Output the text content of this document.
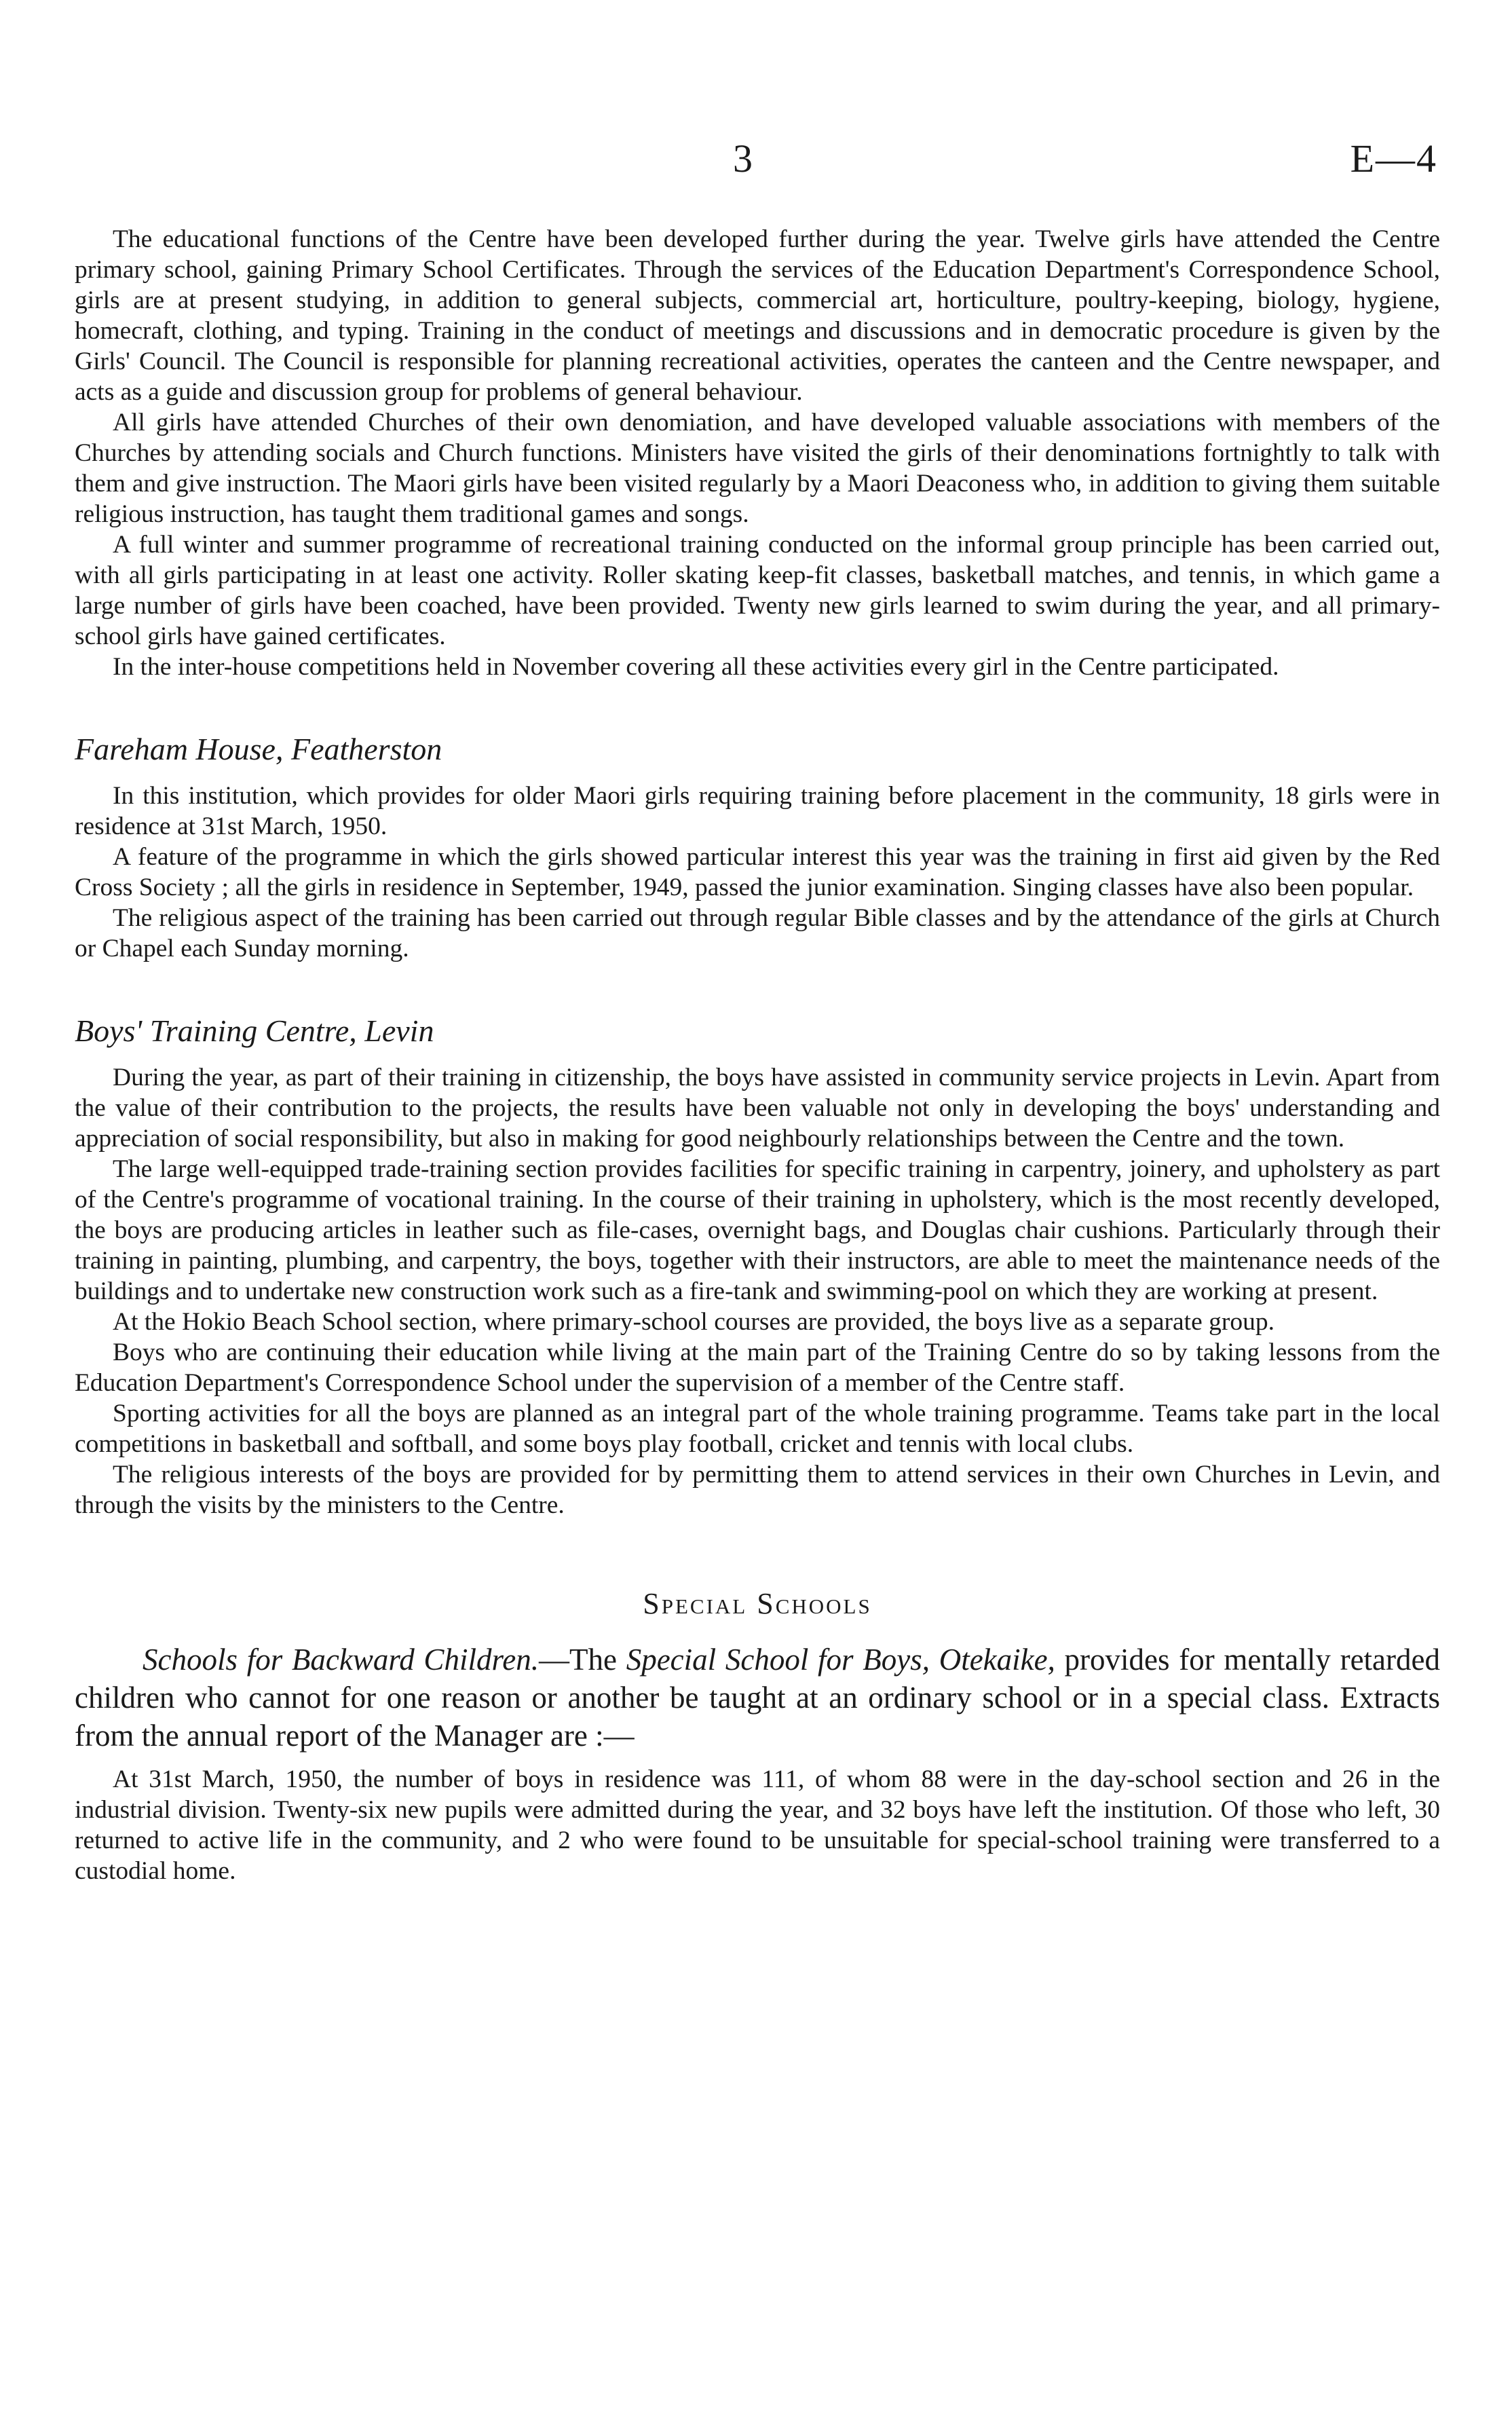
3	E—4

The educational functions of the Centre have been developed further during the year. Twelve girls have attended the Centre primary school, gaining Primary School Certificates. Through the services of the Education Department's Correspondence School, girls are at present studying, in addition to general subjects, commercial art, horticulture, poultry-keeping, biology, hygiene, homecraft, clothing, and typing. Training in the conduct of meetings and discussions and in democratic procedure is given by the Girls' Council. The Council is responsible for planning recreational activities, operates the canteen and the Centre newspaper, and acts as a guide and discussion group for problems of general behaviour.

All girls have attended Churches of their own denomiation, and have developed valuable associations with members of the Churches by attending socials and Church functions. Ministers have visited the girls of their denominations fortnightly to talk with them and give instruction. The Maori girls have been visited regularly by a Maori Deaconess who, in addition to giving them suitable religious instruction, has taught them traditional games and songs.

A full winter and summer programme of recreational training conducted on the informal group principle has been carried out, with all girls participating in at least one activity. Roller skating keep-fit classes, basketball matches, and tennis, in which game a large number of girls have been coached, have been provided. Twenty new girls learned to swim during the year, and all primary-school girls have gained certificates.

In the inter-house competitions held in November covering all these activities every girl in the Centre participated.

Fareham House, Featherston

In this institution, which provides for older Maori girls requiring training before placement in the community, 18 girls were in residence at 31st March, 1950.

A feature of the programme in which the girls showed particular interest this year was the training in first aid given by the Red Cross Society ; all the girls in residence in September, 1949, passed the junior examination. Singing classes have also been popular.

The religious aspect of the training has been carried out through regular Bible classes and by the attendance of the girls at Church or Chapel each Sunday morning.

Boys' Training Centre, Levin

During the year, as part of their training in citizenship, the boys have assisted in community service projects in Levin. Apart from the value of their contribution to the projects, the results have been valuable not only in developing the boys' understanding and appreciation of social responsibility, but also in making for good neighbourly relationships between the Centre and the town.

The large well-equipped trade-training section provides facilities for specific training in carpentry, joinery, and upholstery as part of the Centre's programme of vocational training. In the course of their training in upholstery, which is the most recently developed, the boys are producing articles in leather such as file-cases, overnight bags, and Douglas chair cushions. Particularly through their training in painting, plumbing, and carpentry, the boys, together with their instructors, are able to meet the maintenance needs of the buildings and to undertake new construction work such as a fire-tank and swimming-pool on which they are working at present.

At the Hokio Beach School section, where primary-school courses are provided, the boys live as a separate group.

Boys who are continuing their education while living at the main part of the Training Centre do so by taking lessons from the Education Department's Correspondence School under the supervision of a member of the Centre staff.

Sporting activities for all the boys are planned as an integral part of the whole training programme. Teams take part in the local competitions in basketball and softball, and some boys play football, cricket and tennis with local clubs.

The religious interests of the boys are provided for by permitting them to attend services in their own Churches in Levin, and through the visits by the ministers to the Centre.

Special Schools

Schools for Backward Children.—The Special School for Boys, Otekaike, provides for mentally retarded children who cannot for one reason or another be taught at an ordinary school or in a special class. Extracts from the annual report of the Manager are :—

At 31st March, 1950, the number of boys in residence was 111, of whom 88 were in the day-school section and 26 in the industrial division. Twenty-six new pupils were admitted during the year, and 32 boys have left the institution. Of those who left, 30 returned to active life in the community, and 2 who were found to be unsuitable for special-school training were transferred to a custodial home.
